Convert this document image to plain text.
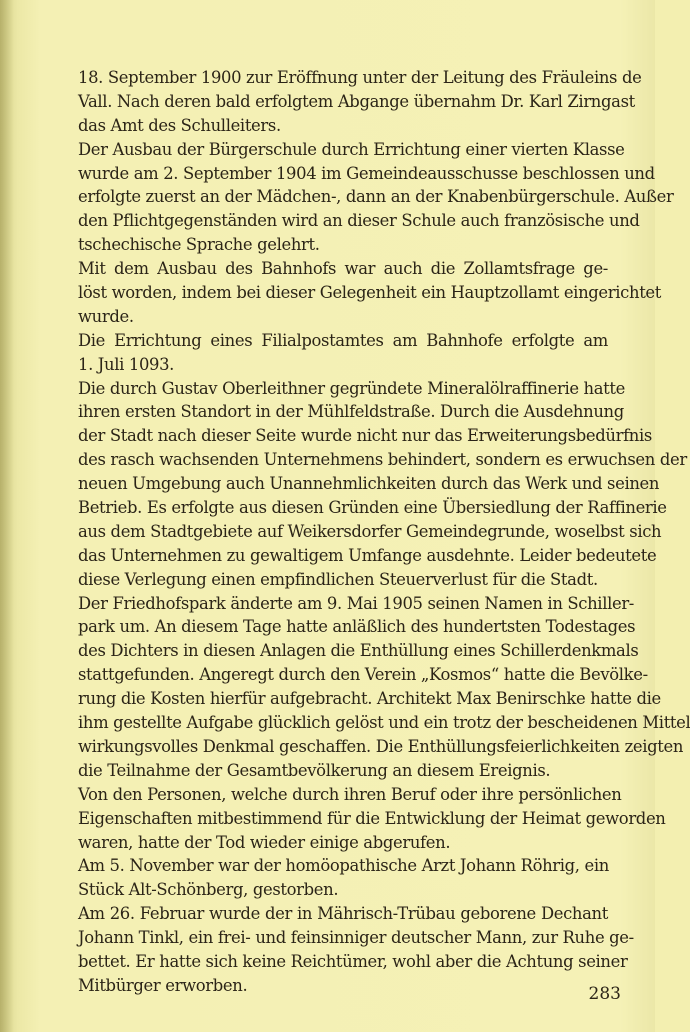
18. September 1900 zur Eröffnung unter der Leitung des Fräuleins de
Vall. Nach deren bald erfolgtem Abgange übernahm Dr. Karl Zirngast
das Amt des Schulleiters.
Der Ausbau der Bürgerschule durch Errichtung einer vierten Klasse
wurde am 2. September 1904 im Gemeindeausschusse beschlossen und
erfolgte zuerst an der Mädchen-, dann an der Knabenbürgerschule. Außer
den Pflichtgegenständen wird an dieser Schule auch französische und
tschechische Sprache gelehrt.
Mit dem Ausbau des Bahnhofs war auch die Zollamtsfrage ge-
löst worden, indem bei dieser Gelegenheit ein Hauptzollamt eingerichtet
wurde.
Die Errichtung eines Filialpostamtes am Bahnhofe erfolgte am
1. Juli 1093.
Die durch Gustav Oberleithner gegründete Mineralölraffinerie hatte
ihren ersten Standort in der Mühlfeldstraße. Durch die Ausdehnung
der Stadt nach dieser Seite wurde nicht nur das Erweiterungsbedürfnis
des rasch wachsenden Unternehmens behindert, sondern es erwuchsen der
neuen Umgebung auch Unannehmlichkeiten durch das Werk und seinen
Betrieb. Es erfolgte aus diesen Gründen eine Übersiedlung der Raffinerie
aus dem Stadtgebiete auf Weikersdorfer Gemeindegrunde, woselbst sich
das Unternehmen zu gewaltigem Umfange ausdehnte. Leider bedeutete
diese Verlegung einen empfindlichen Steuerverlust für die Stadt.
Der Friedhofspark änderte am 9. Mai 1905 seinen Namen in Schiller-
park um. An diesem Tage hatte anläßlich des hundertsten Todestages
des Dichters in diesen Anlagen die Enthüllung eines Schillerdenkmals
stattgefunden. Angeregt durch den Verein „Kosmos“ hatte die Bevölke-
rung die Kosten hierfür aufgebracht. Architekt Max Benirschke hatte die
ihm gestellte Aufgabe glücklich gelöst und ein trotz der bescheidenen Mittel
wirkungsvolles Denkmal geschaffen. Die Enthüllungsfeierlichkeiten zeigten
die Teilnahme der Gesamtbevölkerung an diesem Ereignis.
Von den Personen, welche durch ihren Beruf oder ihre persönlichen
Eigenschaften mitbestimmend für die Entwicklung der Heimat geworden
waren, hatte der Tod wieder einige abgerufen.
Am 5. November war der homöopathische Arzt Johann Röhrig, ein
Stück Alt-Schönberg, gestorben.
Am 26. Februar wurde der in Mährisch-Trübau geborene Dechant
Johann Tinkl, ein frei- und feinsinniger deutscher Mann, zur Ruhe ge-
bettet. Er hatte sich keine Reichtümer, wohl aber die Achtung seiner
Mitbürger erworben.	283
